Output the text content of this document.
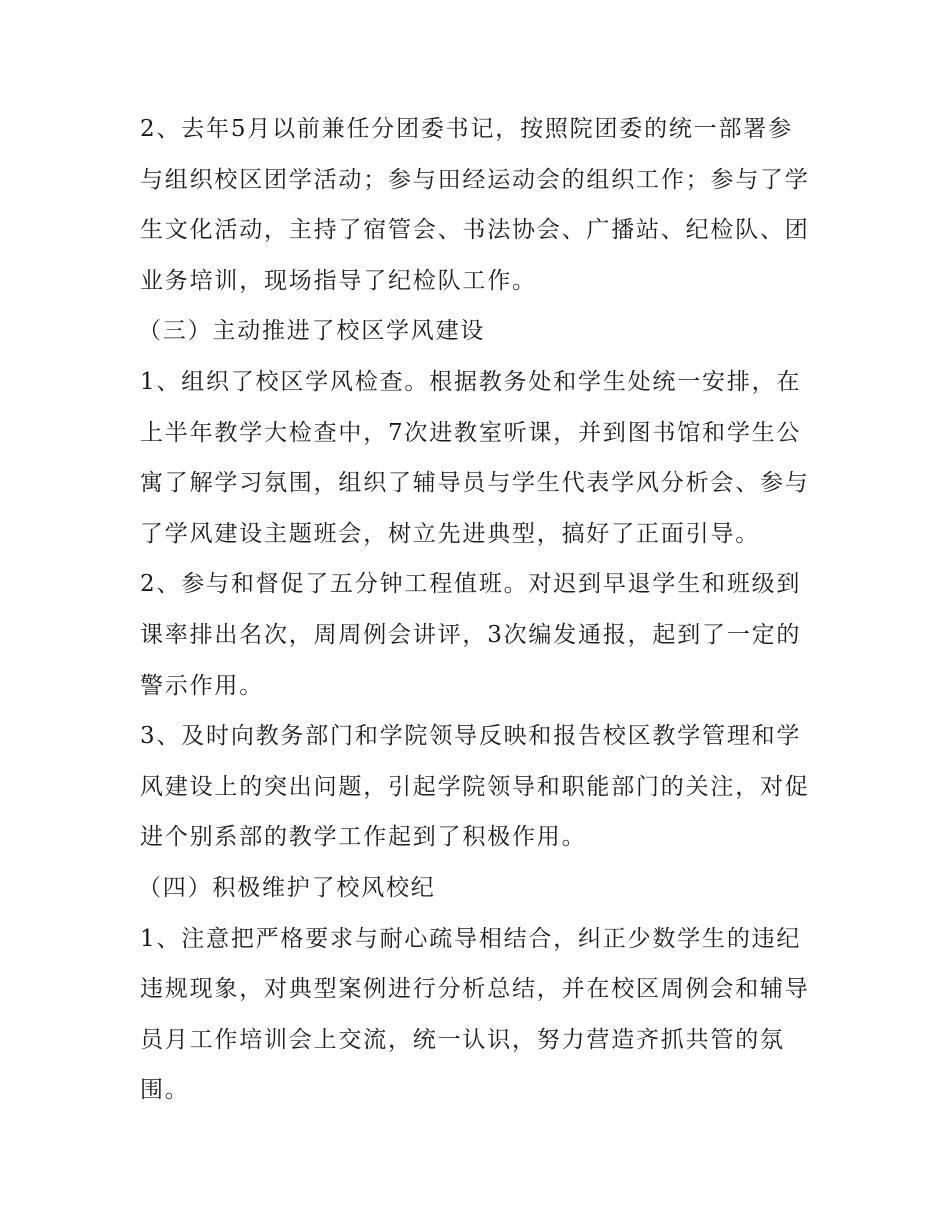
2、去年5月以前兼任分团委书记，按照院团委的统一部署参
与组织校区团学活动；参与田经运动会的组织工作；参与了学
生文化活动，主持了宿管会、书法协会、广播站、纪检队、团
业务培训，现场指导了纪检队工作。
（三）主动推进了校区学风建设
1、组织了校区学风检查。根据教务处和学生处统一安排，在
上半年教学大检查中，7次进教室听课，并到图书馆和学生公
寓了解学习氛围，组织了辅导员与学生代表学风分析会、参与
了学风建设主题班会，树立先进典型，搞好了正面引导。
2、参与和督促了五分钟工程值班。对迟到早退学生和班级到
课率排出名次，周周例会讲评，3次编发通报，起到了一定的
警示作用。
3、及时向教务部门和学院领导反映和报告校区教学管理和学
风建设上的突出问题，引起学院领导和职能部门的关注，对促
进个别系部的教学工作起到了积极作用。
（四）积极维护了校风校纪
1、注意把严格要求与耐心疏导相结合，纠正少数学生的违纪
违规现象，对典型案例进行分析总结，并在校区周例会和辅导
员月工作培训会上交流，统一认识，努力营造齐抓共管的氛
围。
